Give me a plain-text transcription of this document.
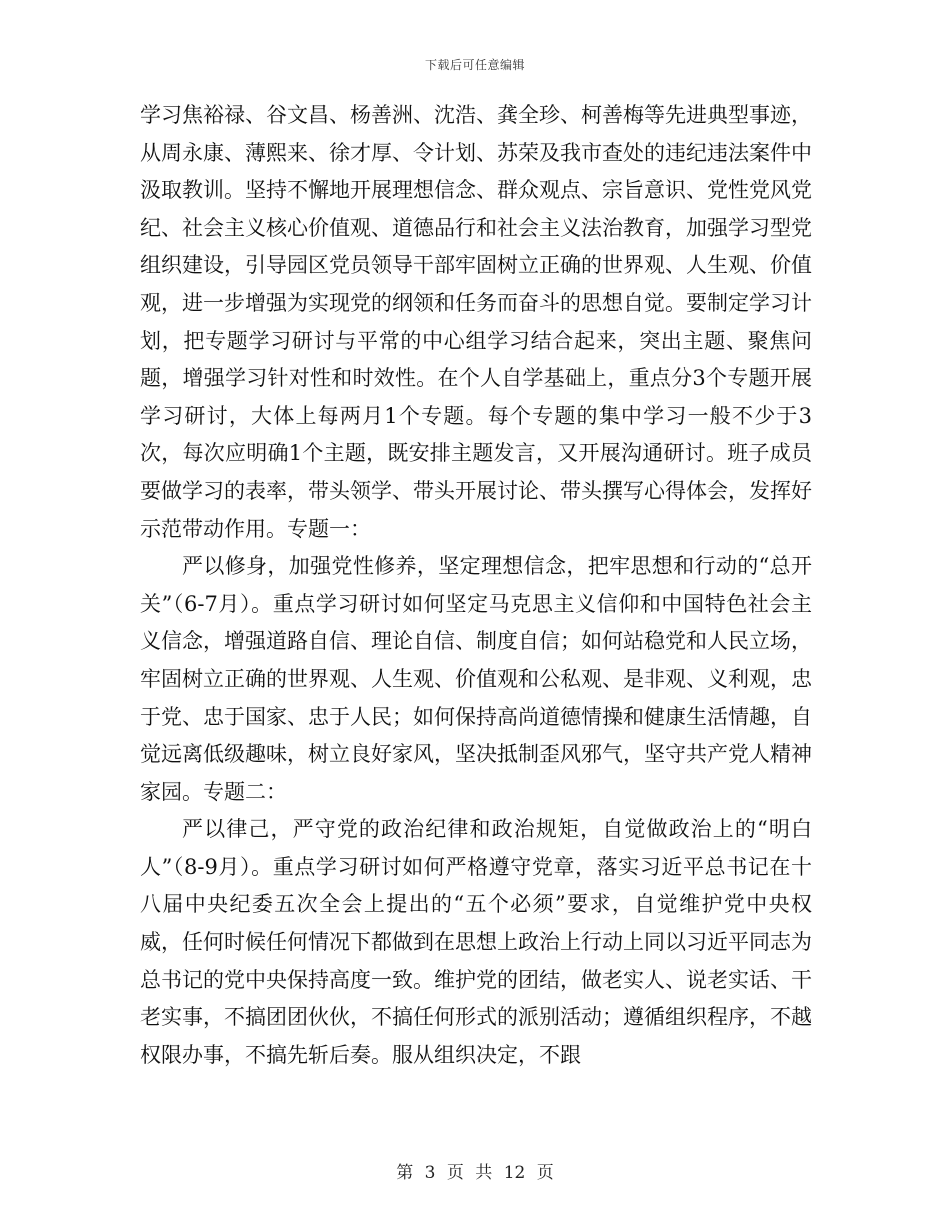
下载后可任意编辑

学习焦裕禄、谷文昌、杨善洲、沈浩、龚全珍、柯善梅等先进典型事迹，从周永康、薄熙来、徐才厚、令计划、苏荣及我市查处的违纪违法案件中汲取教训。坚持不懈地开展理想信念、群众观点、宗旨意识、党性党风党纪、社会主义核心价值观、道德品行和社会主义法治教育，加强学习型党组织建设，引导园区党员领导干部牢固树立正确的世界观、人生观、价值观，进一步增强为实现党的纲领和任务而奋斗的思想自觉。要制定学习计划，把专题学习研讨与平常的中心组学习结合起来，突出主题、聚焦问题，增强学习针对性和时效性。在个人自学基础上，重点分3个专题开展学习研讨，大体上每两月1个专题。每个专题的集中学习一般不少于3次，每次应明确1个主题，既安排主题发言，又开展沟通研讨。班子成员要做学习的表率，带头领学、带头开展讨论、带头撰写心得体会，发挥好示范带动作用。专题一：

严以修身，加强党性修养，坚定理想信念，把牢思想和行动的“总开关”（6-7月）。重点学习研讨如何坚定马克思主义信仰和中国特色社会主义信念，增强道路自信、理论自信、制度自信；如何站稳党和人民立场，牢固树立正确的世界观、人生观、价值观和公私观、是非观、义利观，忠于党、忠于国家、忠于人民；如何保持高尚道德情操和健康生活情趣，自觉远离低级趣味，树立良好家风，坚决抵制歪风邪气，坚守共产党人精神家园。专题二：

严以律己，严守党的政治纪律和政治规矩，自觉做政治上的“明白人”（8-9月）。重点学习研讨如何严格遵守党章，落实习近平总书记在十八届中央纪委五次全会上提出的“五个必须”要求，自觉维护党中央权威，任何时候任何情况下都做到在思想上政治上行动上同以习近平同志为总书记的党中央保持高度一致。维护党的团结，做老实人、说老实话、干老实事，不搞团团伙伙，不搞任何形式的派别活动；遵循组织程序，不越权限办事，不搞先斩后奏。服从组织决定，不跟

第 3 页 共 12 页
